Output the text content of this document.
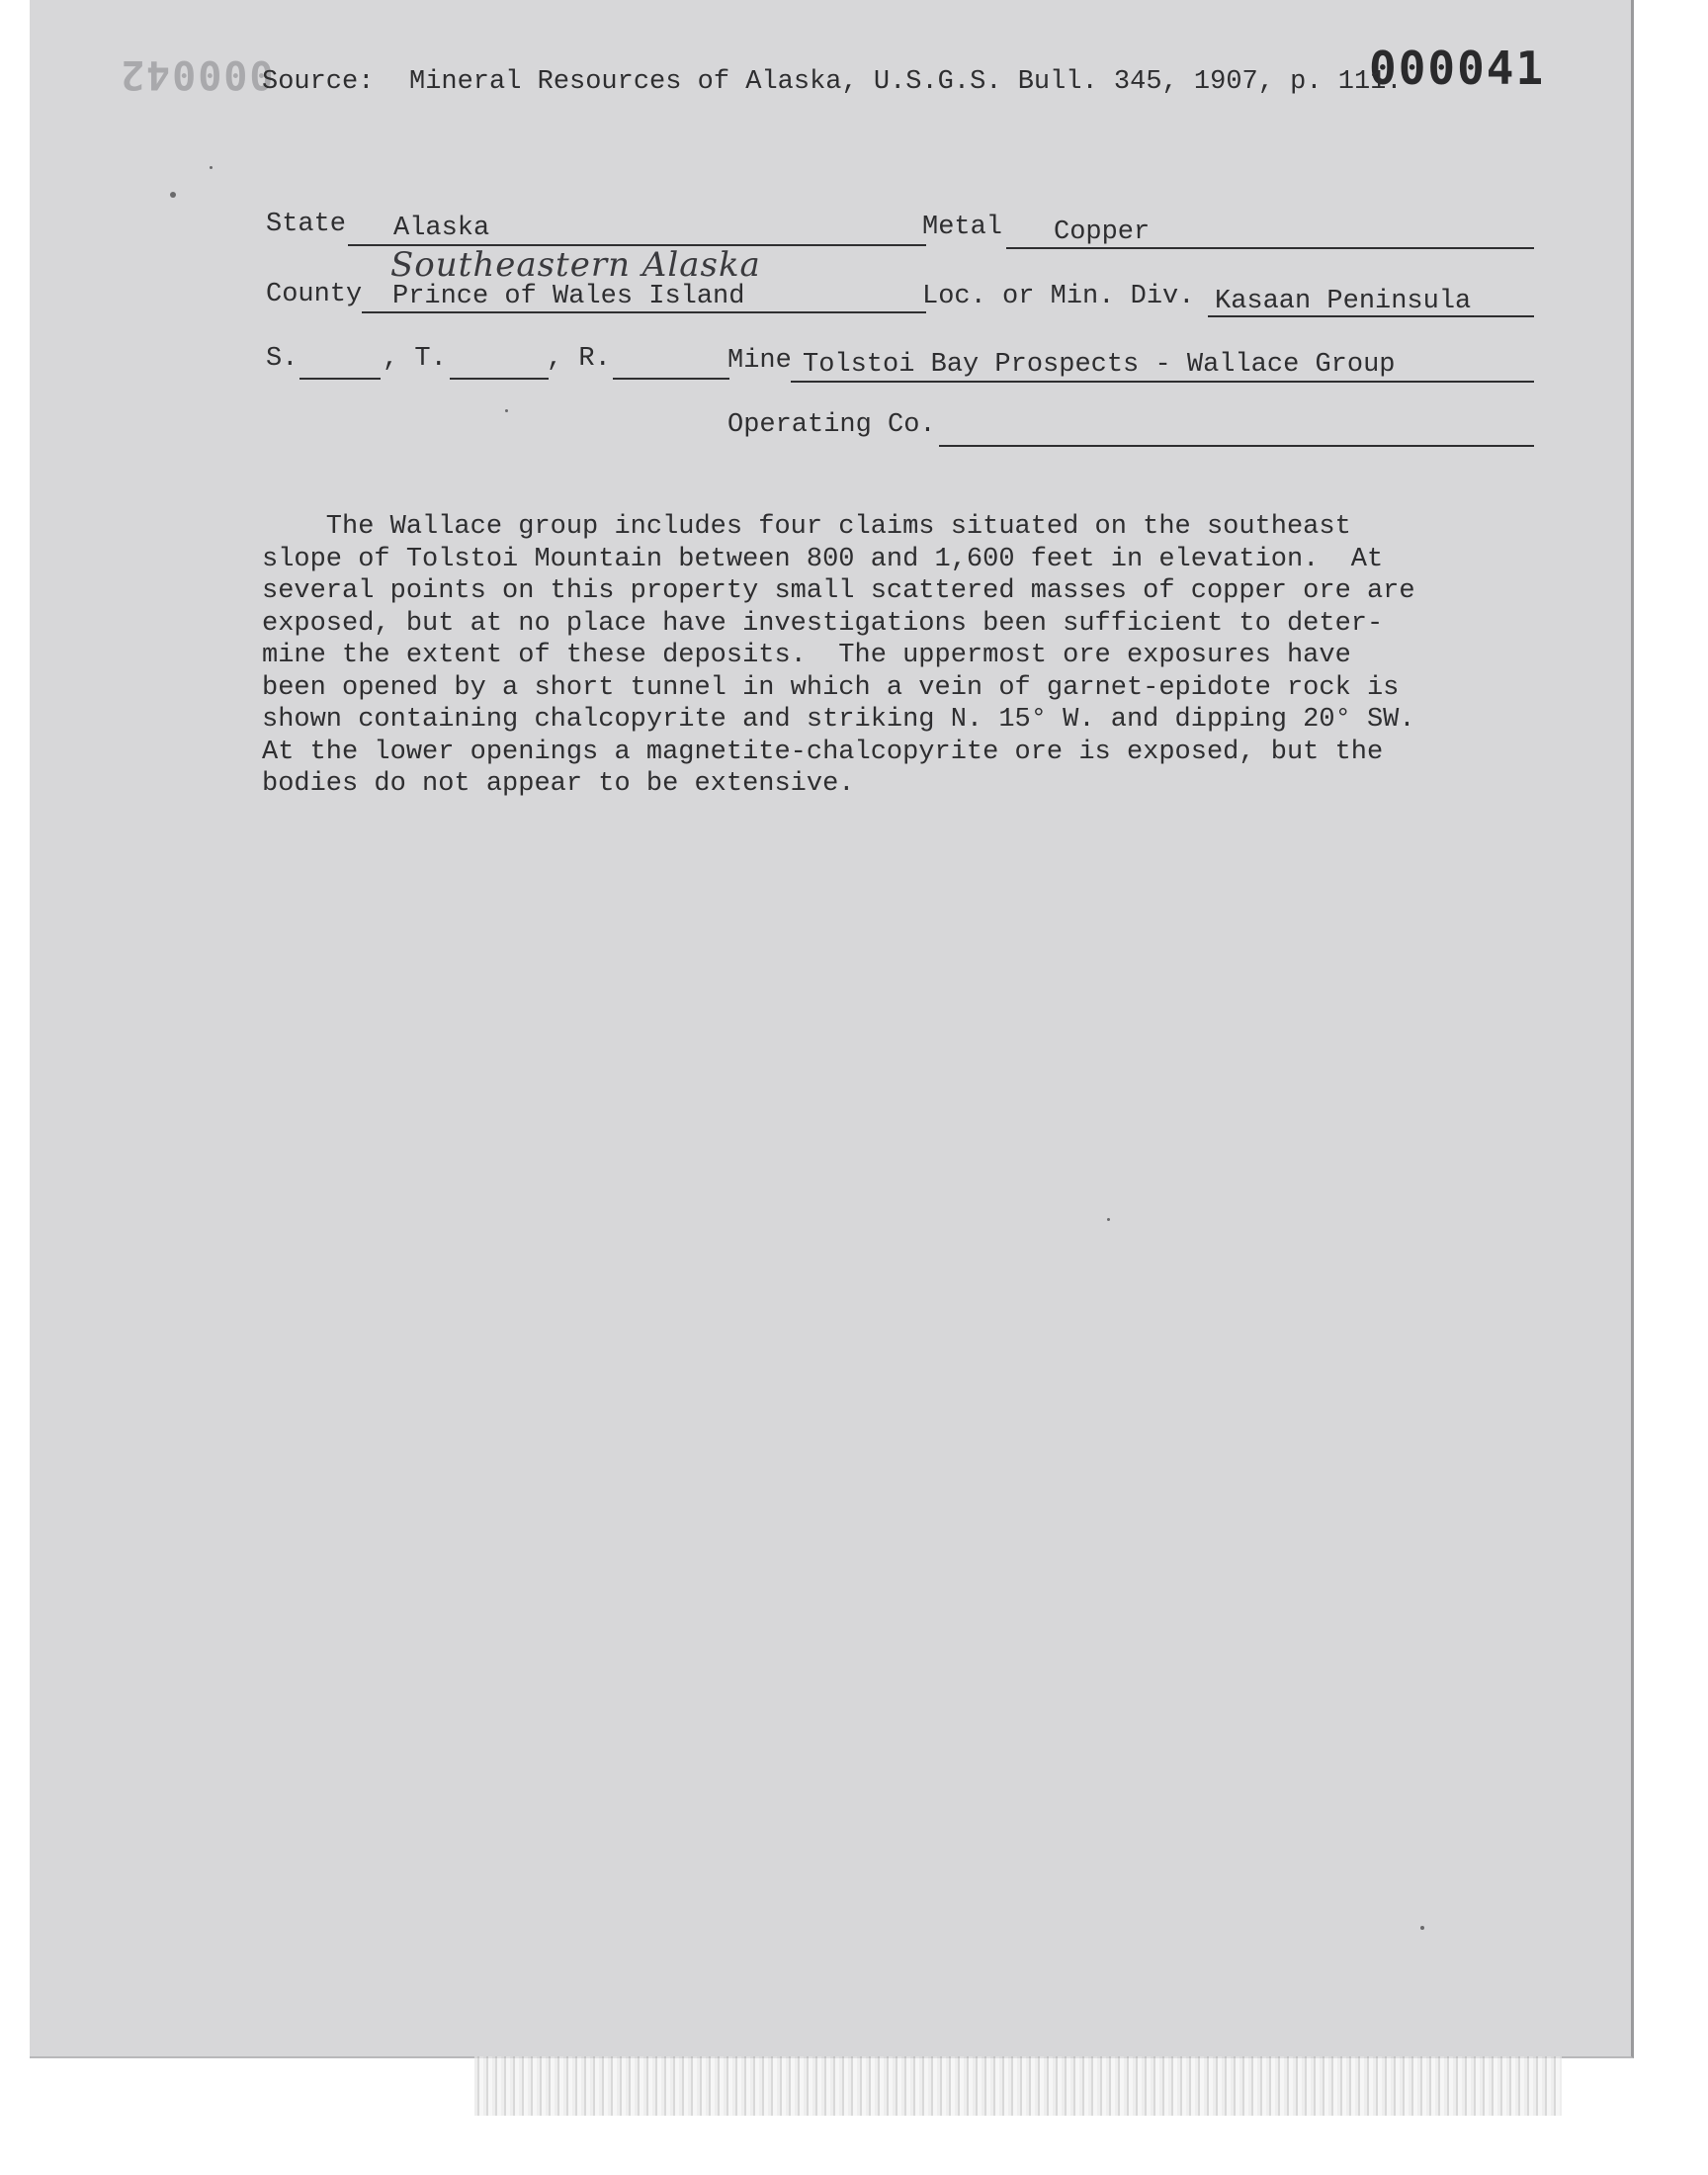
000042	000041
Source: Mineral Resources of Alaska, U.S.G.S. Bull. 345, 1907, p. 111.
State Alaska	Metal Copper
Southeastern Alaska
County Prince of Wales Island	Loc. or Min. Div. Kasaan Peninsula
S.	, T.	, R.	Mine Tolstoi Bay Prospects - Wallace Group
Operating Co.
The Wallace group includes four claims situated on the southeast
slope of Tolstoi Mountain between 800 and 1,600 feet in elevation.  At
several points on this property small scattered masses of copper ore are
exposed, but at no place have investigations been sufficient to deter-
mine the extent of these deposits.  The uppermost ore exposures have
been opened by a short tunnel in which a vein of garnet-epidote rock is
shown containing chalcopyrite and striking N. 15° W. and dipping 20° SW.
At the lower openings a magnetite-chalcopyrite ore is exposed, but the
bodies do not appear to be extensive.
